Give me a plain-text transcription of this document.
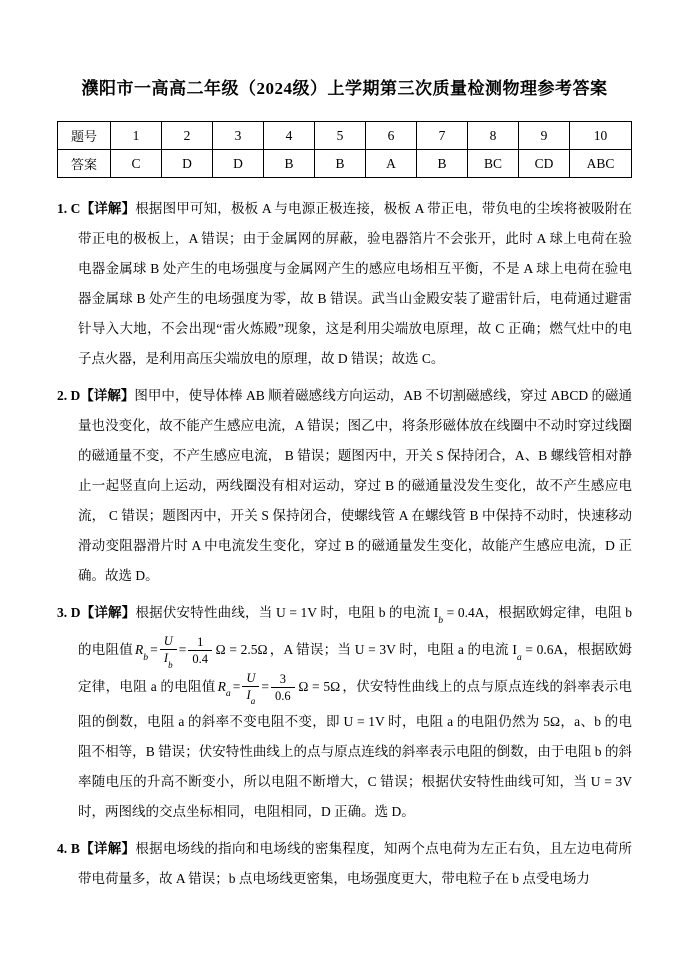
濮阳市一高高二年级（2024级）上学期第三次质量检测物理参考答案
题号	1	2	3	4	5	6	7	8	9	10
答案	C	D	D	B	B	A	B	BC	CD	ABC

1. C【详解】根据图甲可知，极板 A 与电源正极连接，极板 A 带正电，带负电的尘埃将被吸附在带正电的极板上，A 错误；由于金属网的屏蔽，验电器箔片不会张开，此时 A 球上电荷在验电器金属球 B 处产生的电场强度与金属网产生的感应电场相互平衡，不是 A 球上电荷在验电器金属球 B 处产生的电场强度为零，故 B 错误。武当山金殿安装了避雷针后，电荷通过避雷针导入大地，不会出现“雷火炼殿”现象，这是利用尖端放电原理，故 C 正确；燃气灶中的电子点火器，是利用高压尖端放电的原理，故 D 错误；故选 C。

2. D【详解】图甲中，使导体棒 AB 顺着磁感线方向运动，AB 不切割磁感线，穿过 ABCD 的磁通量也没变化，故不能产生感应电流，A 错误；图乙中，将条形磁体放在线圈中不动时穿过线圈的磁通量不变，不产生感应电流， B 错误；题图丙中，开关 S 保持闭合，A、B 螺线管相对静止一起竖直向上运动，两线圈没有相对运动，穿过 B 的磁通量没发生变化，故不产生感应电流， C 错误；题图丙中，开关 S 保持闭合，使螺线管 A 在螺线管 B 中保持不动时，快速移动滑动变阻器滑片时 A 中电流发生变化，穿过 B 的磁通量发生变化，故能产生感应电流，D 正确。故选 D。

3. D【详解】根据伏安特性曲线，当 U = 1V 时，电阻 b 的电流 $I_b = 0.4A$，根据欧姆定律，电阻 b 的电阻值 $R_b= \frac{U}{I_b} = \frac{1}{0.4}$ Ω = 2.5Ω ，A 错误；当 U = 3V 时，电阻 a 的电流 $I_a = 0.6A$，根据欧姆定律，电阻 a 的电阻值 $R_a= \frac{U}{I_a} = \frac{3}{0.6}$ Ω = 5Ω ，伏安特性曲线上的点与原点连线的斜率表示电阻的倒数，电阻 a 的斜率不变电阻不变，即 U = 1V 时，电阻 a 的电阻仍然为 5Ω，a、b 的电阻不相等，B 错误；伏安特性曲线上的点与原点连线的斜率表示电阻的倒数，由于电阻 b 的斜率随电压的升高不断变小，所以电阻不断增大，C 错误；根据伏安特性曲线可知，当 U = 3V 时，两图线的交点坐标相同，电阻相同，D 正确。选 D。

4. B【详解】根据电场线的指向和电场线的密集程度，知两个点电荷为左正右负，且左边电荷所带电荷量多，故 A 错误；b 点电场线更密集，电场强度更大，带电粒子在 b 点受电场力
